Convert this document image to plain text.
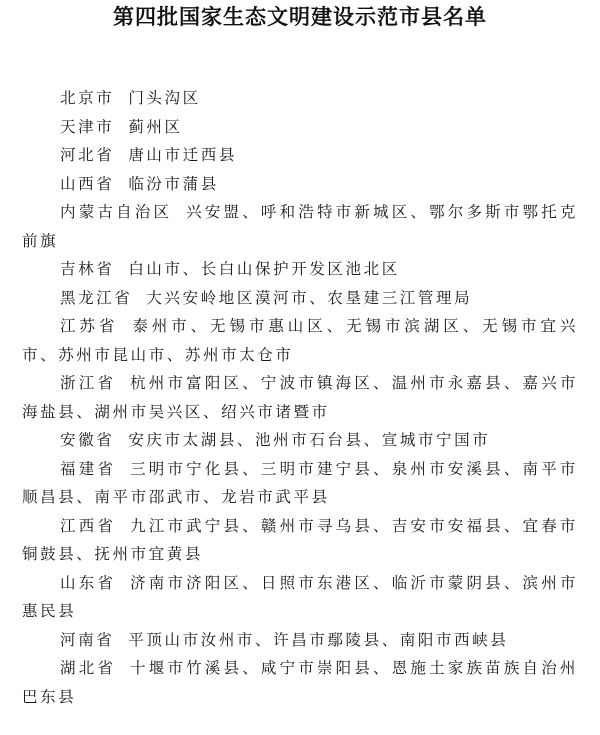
第四批国家生态文明建设示范市县名单
北京市 门头沟区
天津市 蓟州区
河北省 唐山市迁西县
山西省 临汾市蒲县
内蒙古自治区 兴安盟、呼和浩特市新城区、鄂尔多斯市鄂托克前旗
吉林省 白山市、长白山保护开发区池北区
黑龙江省 大兴安岭地区漠河市、农垦建三江管理局
江苏省 泰州市、无锡市惠山区、无锡市滨湖区、无锡市宜兴市、苏州市昆山市、苏州市太仓市
浙江省 杭州市富阳区、宁波市镇海区、温州市永嘉县、嘉兴市海盐县、湖州市吴兴区、绍兴市诸暨市
安徽省 安庆市太湖县、池州市石台县、宣城市宁国市
福建省 三明市宁化县、三明市建宁县、泉州市安溪县、南平市顺昌县、南平市邵武市、龙岩市武平县
江西省 九江市武宁县、赣州市寻乌县、吉安市安福县、宜春市铜鼓县、抚州市宜黄县
山东省 济南市济阳区、日照市东港区、临沂市蒙阴县、滨州市惠民县
河南省 平顶山市汝州市、许昌市鄢陵县、南阳市西峡县
湖北省 十堰市竹溪县、咸宁市崇阳县、恩施土家族苗族自治州巴东县
